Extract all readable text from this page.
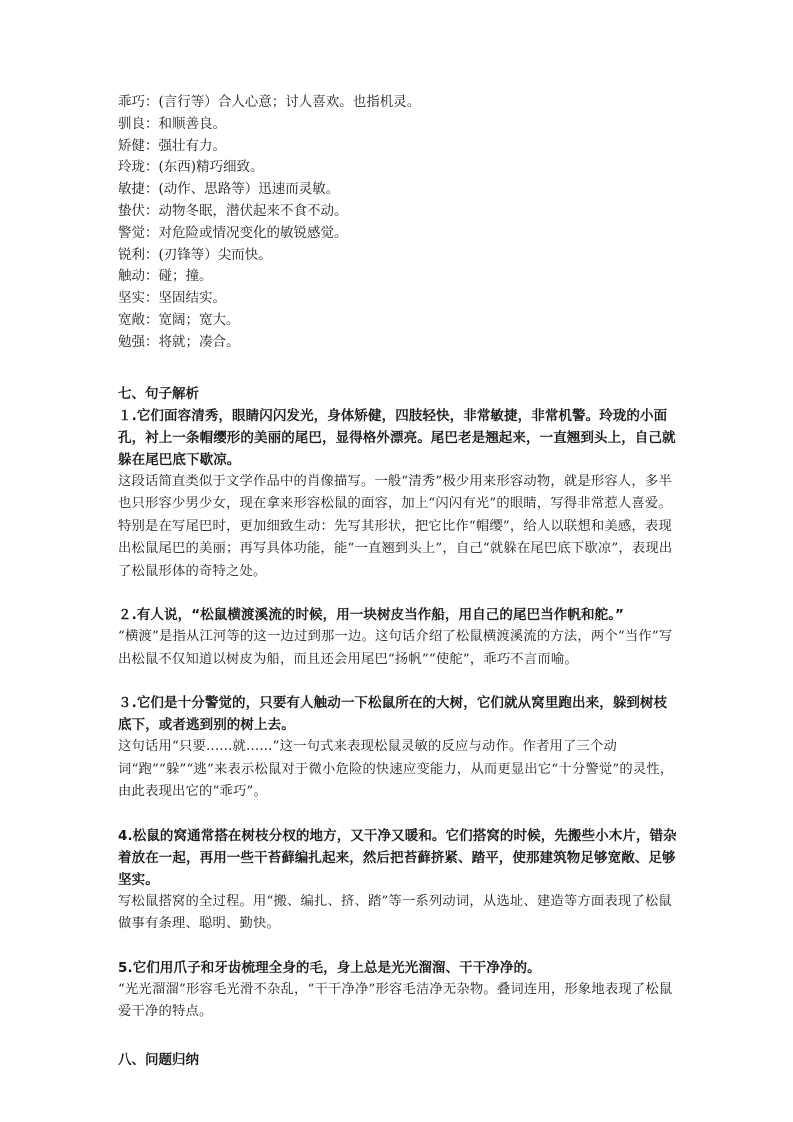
乖巧：(言行等）合人心意；讨人喜欢。也指机灵。
驯良：和顺善良。
矫健：强壮有力。
玲珑：(东西)精巧细致。
敏捷：(动作、思路等）迅速而灵敏。
蛰伏：动物冬眠，潜伏起来不食不动。
警觉：对危险或情况变化的敏锐感觉。
锐利：(刃锋等）尖而快。
触动：碰；撞。
坚实：坚固结实。
宽敞：宽阔；宽大。
勉强：将就；凑合。
七、句子解析
１.它们面容清秀，眼睛闪闪发光，身体矫健，四肢轻快，非常敏捷，非常机警。玲珑的小面孔，衬上一条帽缨形的美丽的尾巴，显得格外漂亮。尾巴老是翘起来，一直翘到头上，自己就躲在尾巴底下歇凉。
这段话简直类似于文学作品中的肖像描写。一般“清秀”极少用来形容动物，就是形容人，多半也只形容少男少女，现在拿来形容松鼠的面容，加上“闪闪有光”的眼睛，写得非常惹人喜爱。特别是在写尾巴时，更加细致生动：先写其形状，把它比作“帽缨”，给人以联想和美感，表现出松鼠尾巴的美丽；再写具体功能，能“一直翘到头上”，自己“就躲在尾巴底下歇凉”，表现出了松鼠形体的奇特之处。
２.有人说，“松鼠横渡溪流的时候，用一块树皮当作船，用自己的尾巴当作帆和舵。”
“横渡”是指从江河等的这一边过到那一边。这句话介绍了松鼠横渡溪流的方法，两个“当作”写出松鼠不仅知道以树皮为船，而且还会用尾巴“扬帆”“使舵”，乖巧不言而喻。
３.它们是十分警觉的，只要有人触动一下松鼠所在的大树，它们就从窝里跑出来，躲到树枝底下，或者逃到别的树上去。
这句话用“只要......就......”这一句式来表现松鼠灵敏的反应与动作。作者用了三个动词“跑”“躲”“逃”来表示松鼠对于微小危险的快速应变能力，从而更显出它“十分警觉”的灵性，由此表现出它的“乖巧”。
4.松鼠的窝通常搭在树枝分杈的地方，又干净又暖和。它们搭窝的时候，先搬些小木片，错杂着放在一起，再用一些干苔藓编扎起来，然后把苔藓挤紧、踏平，使那建筑物足够宽敞、足够坚实。
写松鼠搭窝的全过程。用“搬、编扎、挤、踏”等一系列动词，从选址、建造等方面表现了松鼠做事有条理、聪明、勤快。
5.它们用爪子和牙齿梳理全身的毛，身上总是光光溜溜、干干净净的。
“光光溜溜”形容毛光滑不杂乱，“干干净净”形容毛洁净无杂物。叠词连用，形象地表现了松鼠爱干净的特点。
八、问题归纳
